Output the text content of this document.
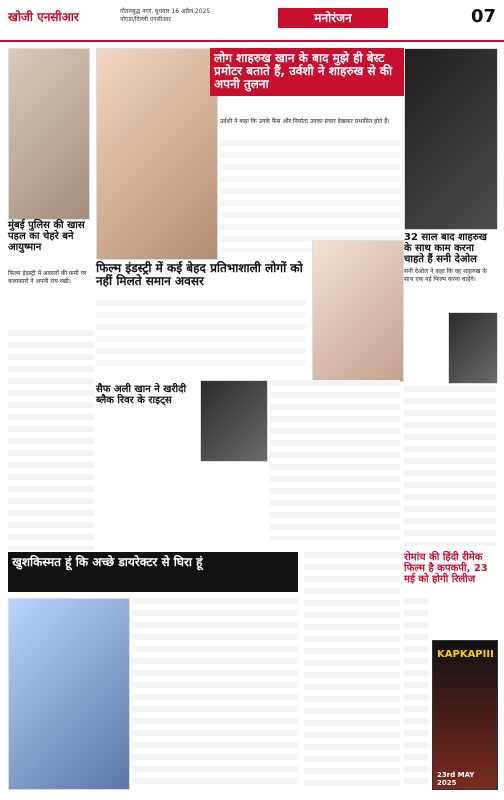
खोजी एनसीआर	गौतमबुद्ध नगर, बुधवार 16 अप्रैल 2025
नोएडा/दिल्ली एनसीआर	मनोरंजन	07
मुंबई पुलिस की खास पहल का चेहरे बने आयुष्मान
फिल्म इंडस्ट्री में अवसरों की कमी पर कलाकारों ने अपनी राय रखी।
लोग शाहरुख खान के बाद मुझे ही बेस्ट प्रमोटर बताते हैं, उर्वशी ने शाहरुख से की अपनी तुलना
उर्वशी ने कहा कि उनके फैंस और निर्माता उनका प्रचार देखकर प्रभावित होते हैं।
32 साल बाद शाहरुख के साथ काम करना चाहते हैं सनी देओल
सनी देओल ने कहा कि वह शाहरुख के साथ एक नई फिल्म करना चाहेंगे।
फिल्म इंडस्ट्री में कई बेहद प्रतिभाशाली लोगों को नहीं मिलते समान अवसर
सैफ अली खान ने खरीदी ब्लैक रिवर के राइट्स
खुशकिस्मत हूं कि अच्छे डायरेक्टर से घिरा हूं	रोमांच की हिंदी रीमेक फिल्म है कपकपी, 23 मई को होगी रिलीज
KAPKAPIII
23rd MAY 2025
